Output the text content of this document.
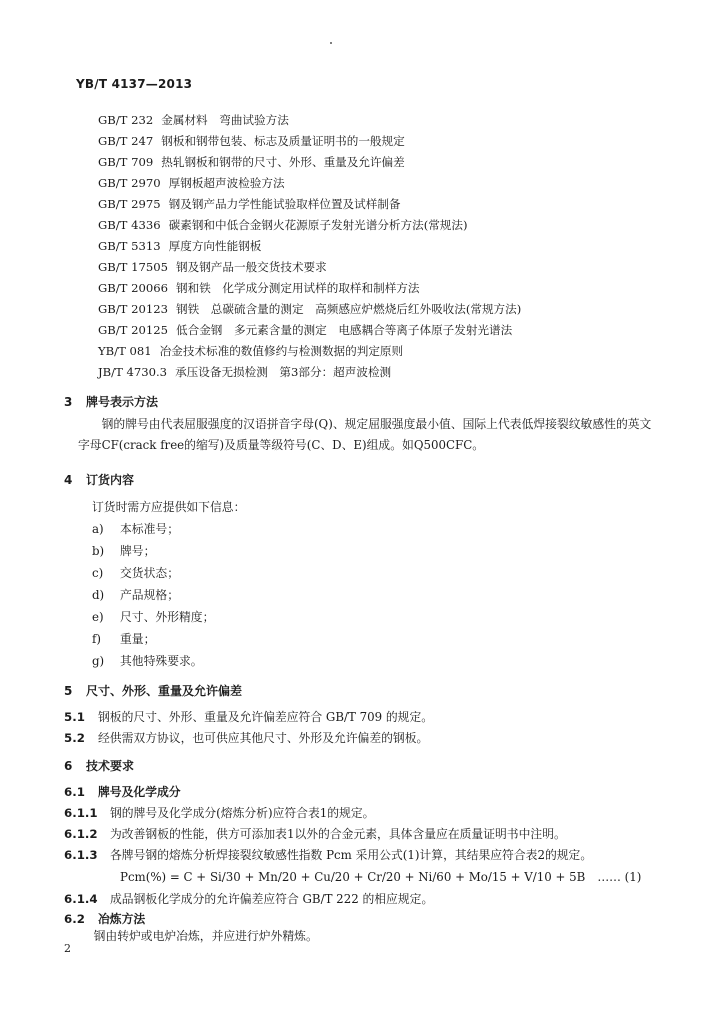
YB/T 4137—2013
GB/T 232 金属材料　弯曲试验方法
GB/T 247 钢板和钢带包装、标志及质量证明书的一般规定
GB/T 709 热轧钢板和钢带的尺寸、外形、重量及允许偏差
GB/T 2970 厚钢板超声波检验方法
GB/T 2975 钢及钢产品力学性能试验取样位置及试样制备
GB/T 4336 碳素钢和中低合金钢火花源原子发射光谱分析方法(常规法)
GB/T 5313 厚度方向性能钢板
GB/T 17505 钢及钢产品一般交货技术要求
GB/T 20066 钢和铁　化学成分测定用试样的取样和制样方法
GB/T 20123 钢铁　总碳硫含量的测定　高频感应炉燃烧后红外吸收法(常规方法)
GB/T 20125 低合金钢　多元素含量的测定　电感耦合等离子体原子发射光谱法
YB/T 081 冶金技术标准的数值修约与检测数据的判定原则
JB/T 4730.3 承压设备无损检测　第3部分：超声波检测
3 牌号表示方法
钢的牌号由代表屈服强度的汉语拼音字母(Q)、规定屈服强度最小值、国际上代表低焊接裂纹敏感性的英文字母CF(crack free的缩写)及质量等级符号(C、D、E)组成。如Q500CFC。
4 订货内容
订货时需方应提供如下信息：
a) 本标准号；
b) 牌号；
c) 交货状态；
d) 产品规格；
e) 尺寸、外形精度；
f) 重量；
g) 其他特殊要求。
5 尺寸、外形、重量及允许偏差
5.1 钢板的尺寸、外形、重量及允许偏差应符合 GB/T 709 的规定。
5.2 经供需双方协议，也可供应其他尺寸、外形及允许偏差的钢板。
6 技术要求
6.1 牌号及化学成分
6.1.1 钢的牌号及化学成分(熔炼分析)应符合表1的规定。
6.1.2 为改善钢板的性能，供方可添加表1以外的合金元素，具体含量应在质量证明书中注明。
6.1.3 各牌号钢的熔炼分析焊接裂纹敏感性指数 Pcm 采用公式(1)计算，其结果应符合表2的规定。
Pcm(%) = C + Si/30 + Mn/20 + Cu/20 + Cr/20 + Ni/60 + Mo/15 + V/10 + 5B …… (1)
6.1.4 成品钢板化学成分的允许偏差应符合 GB/T 222 的相应规定。
6.2 冶炼方法
钢由转炉或电炉冶炼，并应进行炉外精炼。
2
